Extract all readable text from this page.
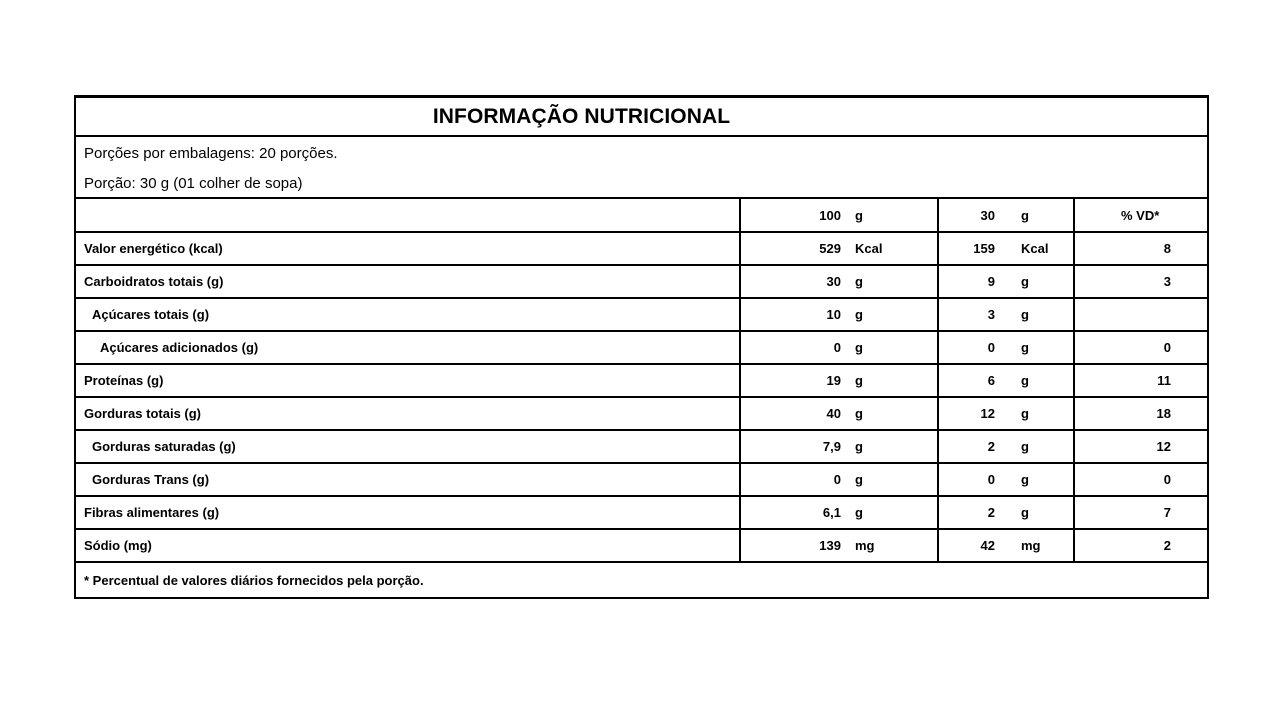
INFORMAÇÃO NUTRICIONAL
Porções por embalagens: 20 porções.
Porção: 30 g (01 colher de sopa)

100 g	30 g	% VD*
Valor energético (kcal)	529 Kcal	159 Kcal	8
Carboidratos totais (g)	30 g	9 g	3
Açúcares totais (g)	10 g	3 g	

Açúcares adicionados (g)	0 g	0 g	0
Proteínas (g)	19 g	6 g	11
Gorduras totais (g)	40 g	12 g	18
Gorduras saturadas (g)	7,9 g	2 g	12
Gorduras Trans (g)	0 g	0 g	0
Fibras alimentares (g)	6,1 g	2 g	7
Sódio (mg)	139 mg	42 mg	2
* Percentual de valores diários fornecidos pela porção.
